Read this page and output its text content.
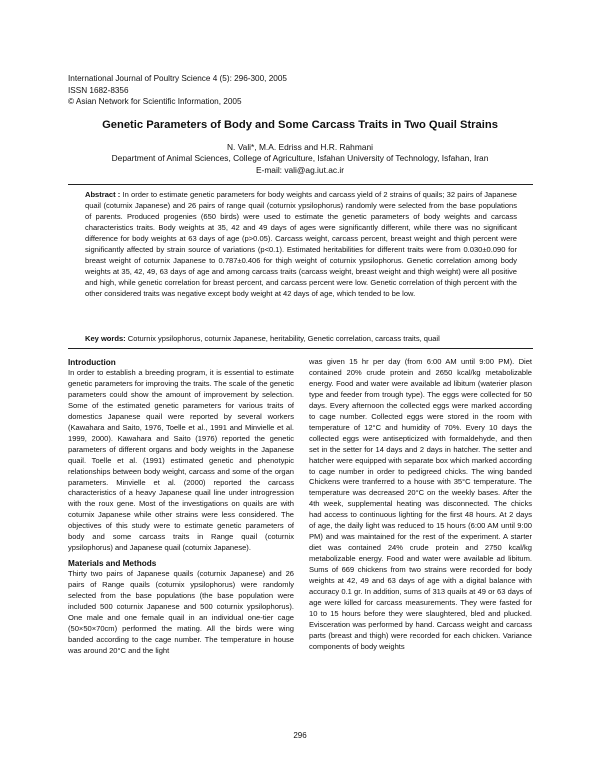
International Journal of Poultry Science 4 (5): 296-300, 2005
ISSN 1682-8356
© Asian Network for Scientific Information, 2005
Genetic Parameters of Body and Some Carcass Traits in Two Quail Strains
N. Vali*, M.A. Edriss and H.R. Rahmani
Department of Animal Sciences, College of Agriculture, Isfahan University of Technology, Isfahan, Iran
E-mail: vali@ag.iut.ac.ir
Abstract : In order to estimate genetic parameters for body weights and carcass yield of 2 strains of quails; 32 pairs of Japanese quail (coturnix Japanese) and 26 pairs of range quail (coturnix ypsilophorus) randomly were selected from the base populations of parents. Produced progenies (650 birds) were used to estimate the genetic parameters of body weights and carcass characteristics traits. Body weights at 35, 42 and 49 days of ages were significantly different, while there was no significant difference for body weights at 63 days of age (p>0.05). Carcass weight, carcass percent, breast weight and thigh percent were significantly affected by strain source of variations (p<0.1). Estimated heritabilities for different traits were from 0.030±0.090 for breast weight of coturnix Japanese to 0.787±0.406 for thigh weight of coturnix ypsilophorus. Genetic correlation among body weights at 35, 42, 49, 63 days of age and among carcass traits (carcass weight, breast weight and thigh weight) were all positive and high, while genetic correlation for breast percent, and carcass percent were low. Genetic correlation of thigh percent with the other considered traits was negative except body weight at 42 days of age, which tended to be low.
Key words: Coturnix ypsilophorus, coturnix Japanese, heritability, Genetic correlation, carcass traits, quail
Introduction

In order to establish a breeding program, it is essential to estimate genetic parameters for improving the traits. The scale of the genetic parameters could show the amount of improvement by selection. Some of the estimated genetic parameters for various traits of domestics Japanese quail were reported by several workers (Kawahara and Saito, 1976, Toelle et al., 1991 and Minvielle et al. 1999, 2000). Kawahara and Saito (1976) reported the genetic parameters of different organs and body weights in the Japanese quail. Toelle et al. (1991) estimated genetic and phenotypic relationships between body weight, carcass and some of the organ parameters. Minvielle et al. (2000) reported the carcass characteristics of a heavy Japanese quail line under introgression with the roux gene. Most of the investigations on quails are with coturnix Japanese while other strains were less considered. The objectives of this study were to estimate genetic parameters of body and some carcass traits in Range quail (coturnix ypsilophorus) and Japanese quail (coturnix Japanese).

Materials and Methods

Thirty two pairs of Japanese quails (coturnix Japanese) and 26 pairs of Range quails (coturnix ypsilophorus) were randomly selected from the base populations (the base population were included 500 coturnix Japanese and 500 coturnix ypsilophorus). One male and one female quail in an individual one-tier cage (50×50×70cm) performed the mating. All the birds were wing banded according to the cage number. The temperature in house was around 20°C and the light

was given 15 hr per day (from 6:00 AM until 9:00 PM). Diet contained 20% crude protein and 2650 kcal/kg metabolizable energy. Food and water were available ad libitum (waterier plason type and feeder from trough type). The eggs were collected for 50 days. Every afternoon the collected eggs were marked according to cage number. Collected eggs were stored in the room with temperature of 12°C and humidity of 70%. Every 10 days the collected eggs were antisepticized with formaldehyde, and then set in the setter for 14 days and 2 days in hatcher. The setter and hatcher were equipped with separate box which marked according to cage number in order to pedigreed chicks. The wing banded Chickens were tranferred to a house with 35°C temperature. The temperature was decreased 20°C on the weekly bases. After the 4th week, supplemental heating was disconnected. The chicks had access to continuous lighting for the first 48 hours. At 2 days of age, the daily light was reduced to 15 hours (6:00 AM until 9:00 PM) and was maintained for the rest of the experiment. A starter diet was contained 24% crude protein and 2750 kcal/kg metabolizable energy. Food and water were available ad libitum. Sums of 669 chickens from two strains were recorded for body weights at 42, 49 and 63 days of age with a digital balance with accuracy 0.1 gr. In addition, sums of 313 quails at 49 or 63 days of age were killed for carcass measurements. They were fasted for 10 to 15 hours before they were slaughtered, bled and plucked. Evisceration was performed by hand. Carcass weight and carcass parts (breast and thigh) were recorded for each chicken. Variance components of body weights

296
